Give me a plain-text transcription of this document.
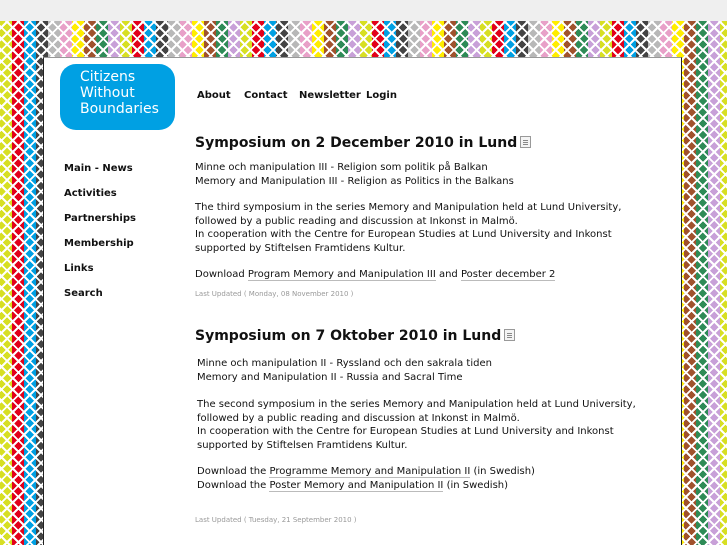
Citizens
Without
Boundaries
About Contact Newsletter Login
Main - News
Activities
Partnerships
Membership
Links
Search
Symposium on 2 December 2010 in Lund

Minne och manipulation III - Religion som politik på Balkan

Memory and Manipulation III - Religion as Politics in the Balkans

The third symposium in the series Memory and Manipulation held at Lund University, followed by a public reading and discussion at Inkonst in Malmö.

In cooperation with the Centre for European Studies at Lund University and Inkonst supported by Stiftelsen Framtidens Kultur.

Download Program Memory and Manipulation III and Poster december 2

Last Updated ( Monday, 08 November 2010 )

Symposium on 7 Oktober 2010 in Lund

Minne och manipulation II - Ryssland och den sakrala tiden

Memory and Manipulation II - Russia and Sacral Time

The second symposium in the series Memory and Manipulation held at Lund University, followed by a public reading and discussion at Inkonst in Malmö.

In cooperation with the Centre for European Studies at Lund University and Inkonst supported by Stiftelsen Framtidens Kultur.

Download the Programme Memory and Manipulation II (in Swedish)

Download the Poster Memory and Manipulation II (in Swedish)

Last Updated ( Tuesday, 21 September 2010 )
